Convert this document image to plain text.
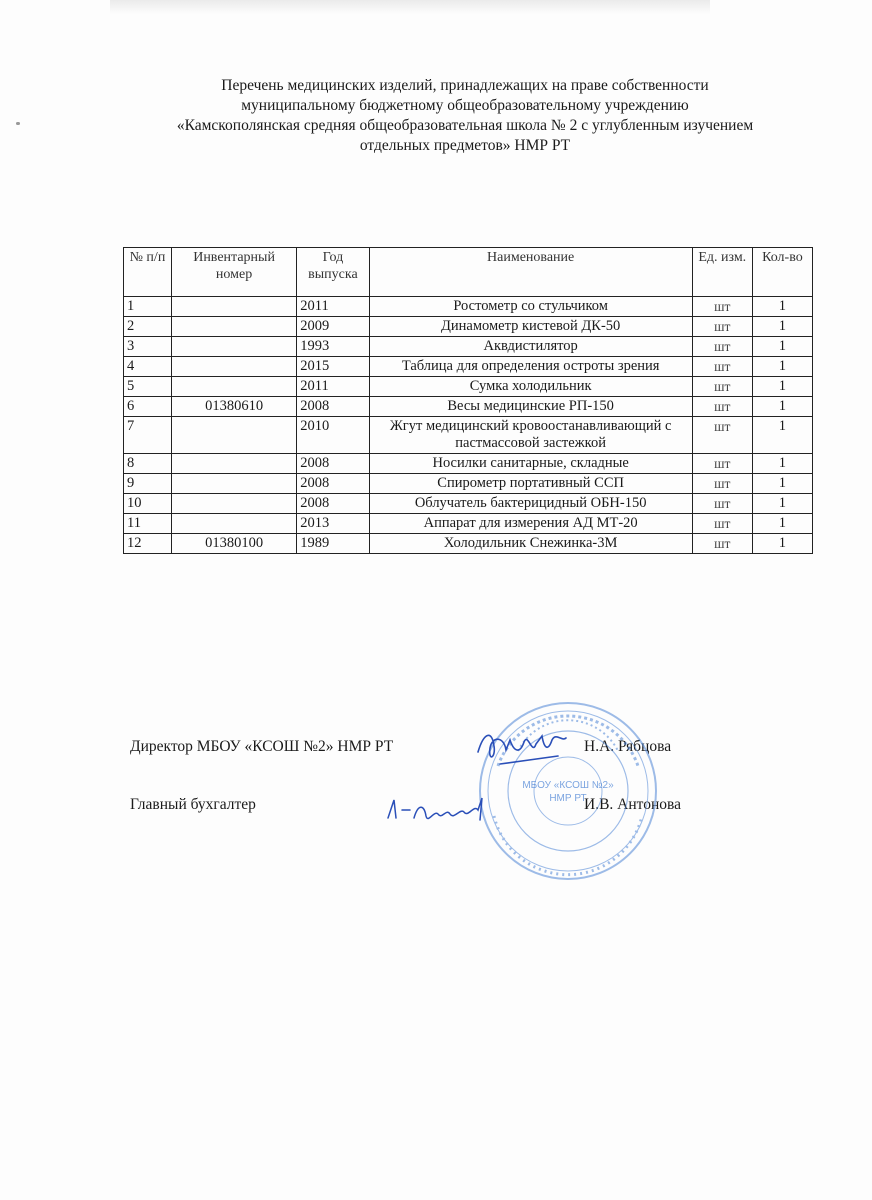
Перечень медицинских изделий, принадлежащих на праве собственности
муниципальному бюджетному общеобразовательному учреждению
«Камскополянская средняя общеобразовательная школа № 2 с углубленным изучением
отдельных предметов» НМР РТ
№ п/п	Инвентарный номер	Год выпуска	Наименование	Ед. изм.	Кол-во
1		2011	Ростометр со стульчиком	шт	1
2		2009	Динамометр кистевой ДК-50	шт	1
3		1993	Аквдистилятор	шт	1
4		2015	Таблица для определения остроты зрения	шт	1
5		2011	Сумка холодильник	шт	1
6	01380610	2008	Весы медицинские РП-150	шт	1
7		2010	Жгут медицинский кровоостанавливающий с пастмассовой застежкой	шт	1
8		2008	Носилки санитарные, складные	шт	1
9		2008	Спирометр портативный ССП	шт	1
10		2008	Облучатель бактерицидный ОБН-150	шт	1
11		2013	Аппарат для измерения АД МТ-20	шт	1
12	01380100	1989	Холодильник Снежинка-3М	шт	1
Директор МБОУ «КСОШ №2» НМР РТ	Н.А. Рябцова
Главный бухгалтер	И.В. Антонова
МБОУ «КСОШ №2»
НМР РТ
